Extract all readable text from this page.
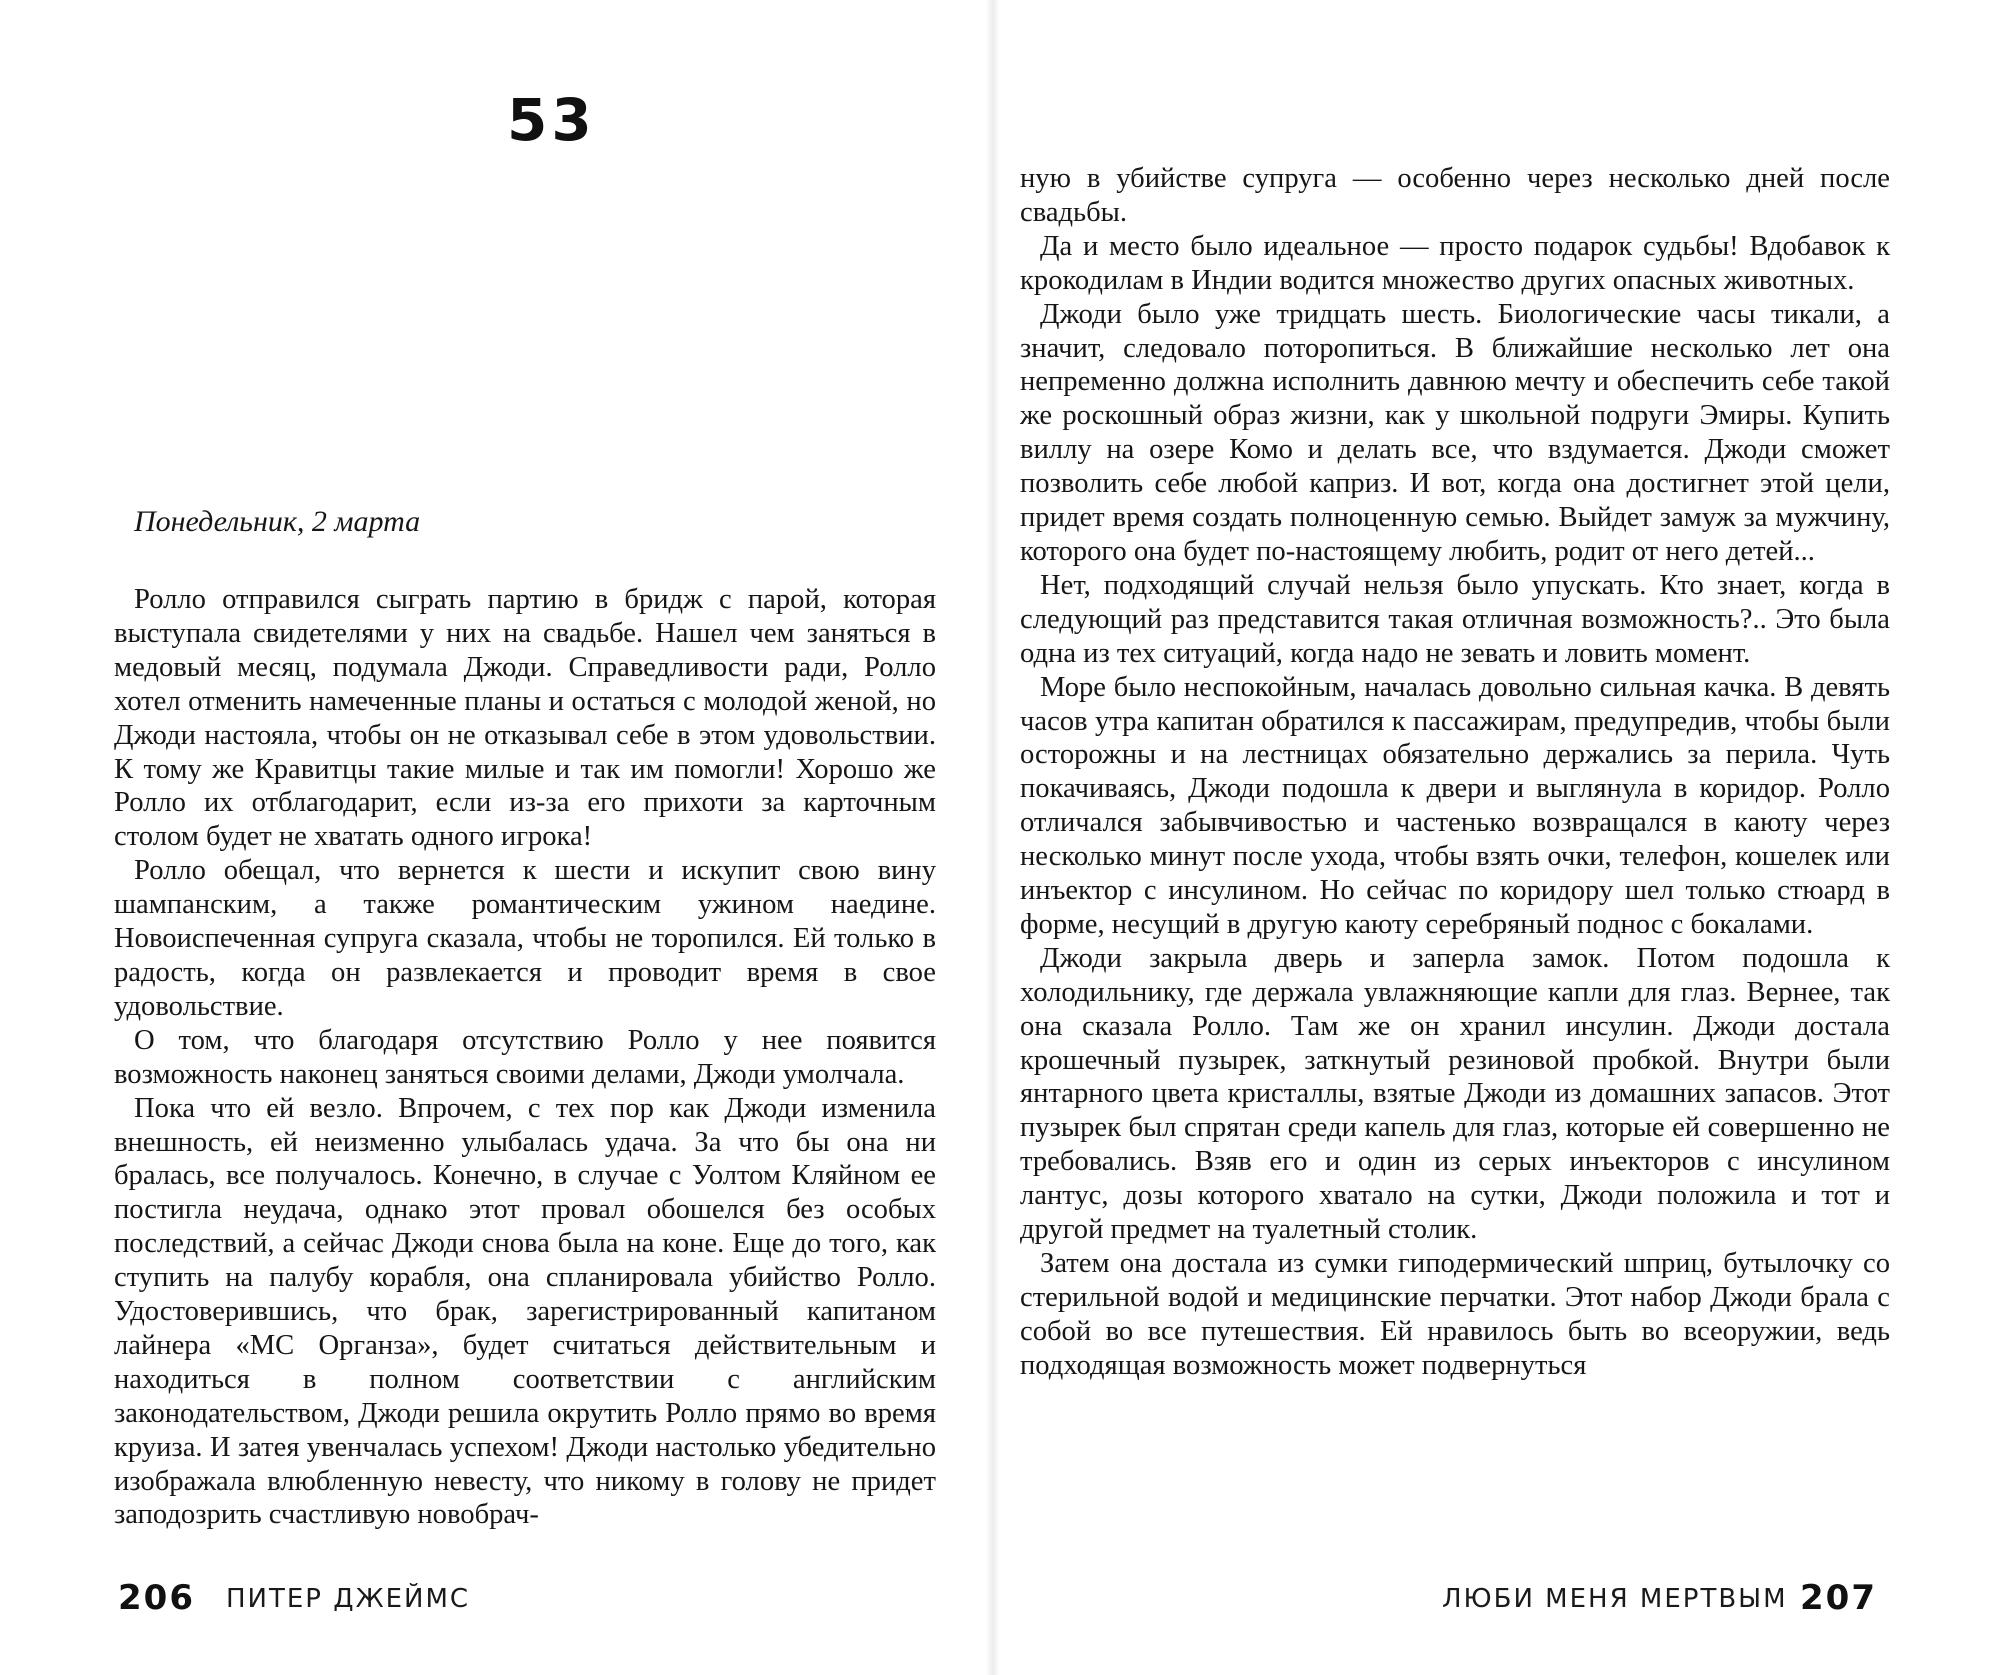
53
Понедельник, 2 марта

Ролло отправился сыграть партию в бридж с парой, которая выступала свидетелями у них на свадьбе. Нашел чем заняться в медовый месяц, подумала Джоди. Справедливости ради, Ролло хотел отменить намеченные планы и остаться с молодой женой, но Джоди настояла, чтобы он не отказывал себе в этом удовольствии. К тому же Кравитцы такие милые и так им помогли! Хорошо же Ролло их отблагодарит, если из-за его прихоти за карточным столом будет не хватать одного игрока!

Ролло обещал, что вернется к шести и искупит свою вину шампанским, а также романтическим ужином наедине. Новоиспеченная супруга сказала, чтобы не торопился. Ей только в радость, когда он развлекается и проводит время в свое удовольствие.

О том, что благодаря отсутствию Ролло у нее появится возможность наконец заняться своими делами, Джоди умолчала.

Пока что ей везло. Впрочем, с тех пор как Джоди изменила внешность, ей неизменно улыбалась удача. За что бы она ни бралась, все получалось. Конечно, в случае с Уолтом Кляйном ее постигла неудача, однако этот провал обошелся без особых последствий, а сейчас Джоди снова была на коне. Еще до того, как ступить на палубу корабля, она спланировала убийство Ролло. Удостоверившись, что брак, зарегистрированный капитаном лайнера «МС Органза», будет считаться действительным и находиться в полном соответствии с английским законодательством, Джоди решила окрутить Ролло прямо во время круиза. И затея увенчалась успехом! Джоди настолько убедительно изображала влюбленную невесту, что никому в голову не придет заподозрить счастливую новобрач-

206 ПИТЕР ДЖЕЙМС

ную в убийстве супруга — особенно через несколько дней после свадьбы.

Да и место было идеальное — просто подарок судьбы! Вдобавок к крокодилам в Индии водится множество других опасных животных.

Джоди было уже тридцать шесть. Биологические часы тикали, а значит, следовало поторопиться. В ближайшие несколько лет она непременно должна исполнить давнюю мечту и обеспечить себе такой же роскошный образ жизни, как у школьной подруги Эмиры. Купить виллу на озере Комо и делать все, что вздумается. Джоди сможет позволить себе любой каприз. И вот, когда она достигнет этой цели, придет время создать полноценную семью. Выйдет замуж за мужчину, которого она будет по-настоящему любить, родит от него детей...

Нет, подходящий случай нельзя было упускать. Кто знает, когда в следующий раз представится такая отличная возможность?.. Это была одна из тех ситуаций, когда надо не зевать и ловить момент.

Море было неспокойным, началась довольно сильная качка. В девять часов утра капитан обратился к пассажирам, предупредив, чтобы были осторожны и на лестницах обязательно держались за перила. Чуть покачиваясь, Джоди подошла к двери и выглянула в коридор. Ролло отличался забывчивостью и частенько возвращался в каюту через несколько минут после ухода, чтобы взять очки, телефон, кошелек или инъектор с инсулином. Но сейчас по коридору шел только стюард в форме, несущий в другую каюту серебряный поднос с бокалами.

Джоди закрыла дверь и заперла замок. Потом подошла к холодильнику, где держала увлажняющие капли для глаз. Вернее, так она сказала Ролло. Там же он хранил инсулин. Джоди достала крошечный пузырек, заткнутый резиновой пробкой. Внутри были янтарного цвета кристаллы, взятые Джоди из домашних запасов. Этот пузырек был спрятан среди капель для глаз, которые ей совершенно не требовались. Взяв его и один из серых инъекторов с инсулином лантус, дозы которого хватало на сутки, Джоди положила и тот и другой предмет на туалетный столик.

Затем она достала из сумки гиподермический шприц, бутылочку со стерильной водой и медицинские перчатки. Этот набор Джоди брала с собой во все путешествия. Ей нравилось быть во всеоружии, ведь подходящая возможность может подвернуться

ЛЮБИ МЕНЯ МЕРТВЫМ 207
